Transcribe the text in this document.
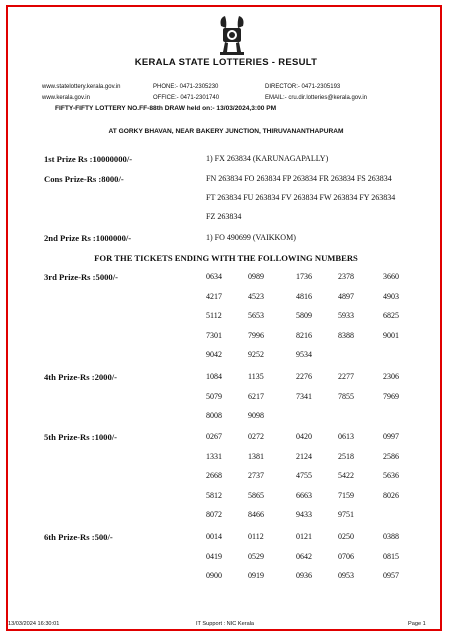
KERALA STATE LOTTERIES - RESULT
www.statelottery.kerala.gov.in
www.kerala.gov.in
PHONE:- 0471-2305230
OFFICE:- 0471-2301740
DIRECTOR:- 0471-2305193
EMAIL:- cru.dir.lotteries@kerala.gov.in
FIFTY-FIFTY LOTTERY NO.FF-88th DRAW held on:- 13/03/2024,3:00 PM
AT GORKY BHAVAN, NEAR BAKERY JUNCTION, THIRUVANANTHAPURAM
1st Prize Rs :10000000/-	1) FX 263834 (KARUNAGAPALLY)
Cons Prize-Rs :8000/-	FN 263834 FO 263834 FP 263834 FR 263834 FS 263834
FT 263834 FU 263834 FV 263834 FW 263834 FY 263834
FZ 263834
2nd Prize Rs :1000000/-	1) FO 490699 (VAIKKOM)
FOR THE TICKETS ENDING WITH THE FOLLOWING NUMBERS
3rd Prize-Rs :5000/-	0634	0989	1736	2378	3660
4217	4523	4816	4897	4903
5112	5653	5809	5933	6825
7301	7996	8216	8388	9001
9042	9252	9534
4th Prize-Rs :2000/-	1084	1135	2276	2277	2306
5079	6217	7341	7855	7969
8008	9098
5th Prize-Rs :1000/-	0267	0272	0420	0613	0997
1331	1381	2124	2518	2586
2668	2737	4755	5422	5636
5812	5865	6663	7159	8026
8072	8466	9433	9751
6th Prize-Rs :500/-	0014	0112	0121	0250	0388
0419	0529	0642	0706	0815
0900	0919	0936	0953	0957
13/03/2024 16:30:01	IT Support : NIC Kerala	Page 1
